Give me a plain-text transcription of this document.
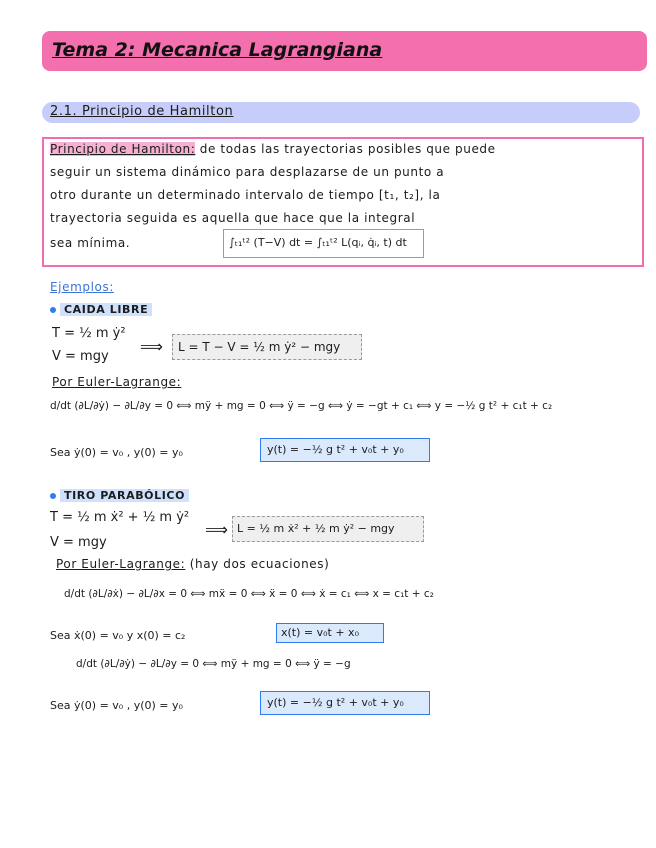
Tema 2: Mecanica Lagrangiana
2.1. Principio de Hamilton
Principio de Hamilton: de todas las trayectorias posibles que puede
seguir un sistema dinámico para desplazarse de un punto a
otro durante un determinado intervalo de tiempo [t₁, t₂], la
trayectoria seguida es aquella que hace que la integral
sea mínima.	∫ₜ₁ᵗ² (T−V) dt = ∫ₜ₁ᵗ² L(qᵢ, q̇ᵢ, t) dt
Ejemplos:
CAIDA LIBRE
T = ½ m ẏ²
V = mgy
⟹ L = T − V = ½ m ẏ² − mgy
Por Euler-Lagrange:
d/dt (∂L/∂ẏ) − ∂L/∂y = 0 ⟺ mÿ + mg = 0 ⟺ ÿ = −g ⟺ ẏ = −gt + c₁ ⟺ y = −½ g t² + c₁t + c₂
Sea ẏ(0) = v₀ , y(0) = y₀	y(t) = −½ g t² + v₀t + y₀
TIRO PARABÓLICO
T = ½ m ẋ² + ½ m ẏ²
V = mgy
⟹ L = ½ m ẋ² + ½ m ẏ² − mgy
Por Euler-Lagrange: (hay dos ecuaciones)
d/dt (∂L/∂ẋ) − ∂L/∂x = 0 ⟺ mẍ = 0 ⟺ ẍ = 0 ⟺ ẋ = c₁ ⟺ x = c₁t + c₂
Sea ẋ(0) = v₀ y x(0) = c₂	x(t) = v₀t + x₀
d/dt (∂L/∂ẏ) − ∂L/∂y = 0 ⟺ mÿ + mg = 0 ⟺ ÿ = −g
Sea ẏ(0) = v₀ , y(0) = y₀	y(t) = −½ g t² + v₀t + y₀
